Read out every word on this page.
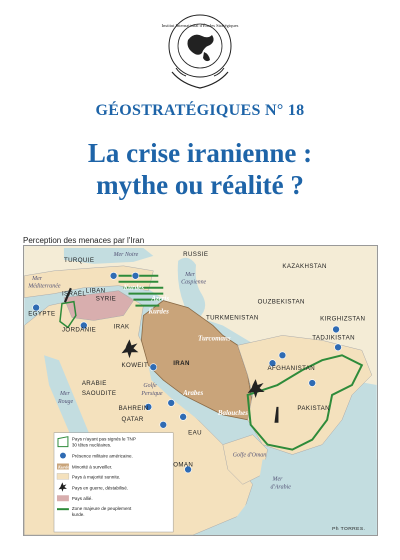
Institut International d'Études Stratégiques
GÉOSTRATÉGIQUES N° 18
La crise iranienne :
mythe ou réalité ?
Perception des menaces par l'Iran
RUSSIE
TURQUIE
KAZAKHSTAN
OUZBEKISTAN
TURKMENISTAN	KIRGHIZSTAN
TADJIKISTAN
IRAN
IRAK
SYRIE
LIBAN
ISRAËL
JORDANIE
EGYPTE
KOWEIT
ARABIE
SAOUDITE
BAHREIN
QATAR
EAU
OMAN
AFGHANISTAN
PAKISTAN
Kurdes
Kurdes
Azeris
Turcomans
Arabes
Balouches
Mer
Méditerranée
Mer Noire
Mer
Caspienne
Mer
Rouge
Golfe
Persique
Golfe d'Oman
Mer
d'Arabie
Pays n'ayant pas signés le TNP
30 têtes nucléaires.
Présence militaire américaine.
Kurdes Minorité à surveiller.
Pays à majorité sunnite.
Pays en guerre, déstabilisé.
Pays allié.
Zone majeure de peuplement
kurde.
Ph TORRES.
